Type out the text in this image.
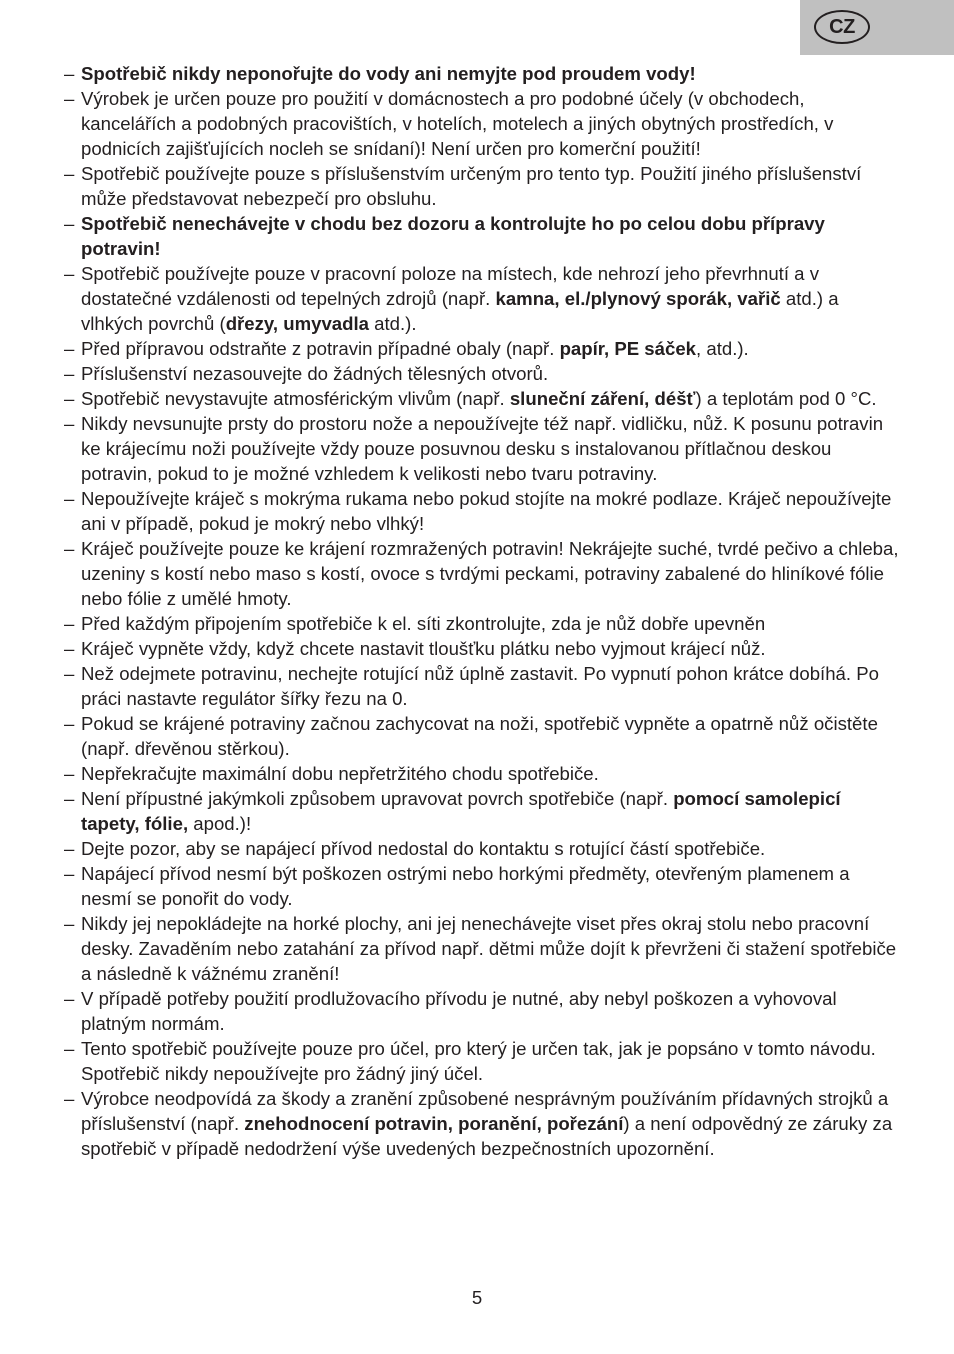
CZ
– Spotřebič nikdy neponořujte do vody ani nemyjte pod proudem vody!
– Výrobek je určen pouze pro použití v domácnostech a pro podobné účely (v obchodech, kancelářích a podobných pracovištích, v hotelích, motelech a jiných obytných prostředích, v podnicích zajišťujících nocleh se snídaní)! Není určen pro komerční použití!
– Spotřebič používejte pouze s příslušenstvím určeným pro tento typ. Použití jiného příslušenství může představovat nebezpečí pro obsluhu.
– Spotřebič nenechávejte v chodu bez dozoru a kontrolujte ho po celou dobu přípravy potravin!
– Spotřebič používejte pouze v pracovní poloze na místech, kde nehrozí jeho převrhnutí a v dostatečné vzdálenosti od tepelných zdrojů (např. kamna, el./plynový sporák, vařič atd.) a vlhkých povrchů (dřezy, umyvadla atd.).
– Před přípravou odstraňte z potravin případné obaly (např. papír, PE sáček, atd.).
– Příslušenství nezasouvejte do žádných tělesných otvorů.
– Spotřebič nevystavujte atmosférickým vlivům (např. sluneční záření, déšť) a teplotám pod 0 °C.
– Nikdy nevsunujte prsty do prostoru nože a nepoužívejte též např. vidličku, nůž. K posunu potravin ke krájecímu noži používejte vždy pouze posuvnou desku s instalovanou přítlačnou deskou potravin, pokud to je možné vzhledem k velikosti nebo tvaru potraviny.
– Nepoužívejte kráječ s mokrýma rukama nebo pokud stojíte na mokré podlaze. Kráječ nepoužívejte ani v případě, pokud je mokrý nebo vlhký!
– Kráječ používejte pouze ke krájení rozmražených potravin! Nekrájejte suché, tvrdé pečivo a chleba, uzeniny s kostí nebo maso s kostí, ovoce s tvrdými peckami, potraviny zabalené do hliníkové fólie nebo fólie z umělé hmoty.
– Před každým připojením spotřebiče k el. síti zkontrolujte, zda je nůž dobře upevněn
– Kráječ vypněte vždy, když chcete nastavit tloušťku plátku nebo vyjmout krájecí nůž.
– Než odejmete potravinu, nechejte rotující nůž úplně zastavit. Po vypnutí pohon krátce dobíhá. Po práci nastavte regulátor šířky řezu na 0.
– Pokud se krájené potraviny začnou zachycovat na noži, spotřebič vypněte a opatrně nůž očistěte (např. dřevěnou stěrkou).
– Nepřekračujte maximální dobu nepřetržitého chodu spotřebiče.
– Není přípustné jakýmkoli způsobem upravovat povrch spotřebiče (např. pomocí samolepicí tapety, fólie, apod.)!
– Dejte pozor, aby se napájecí přívod nedostal do kontaktu s rotující částí spotřebiče.
– Napájecí přívod nesmí být poškozen ostrými nebo horkými předměty, otevřeným plamenem a nesmí se ponořit do vody.
– Nikdy jej nepokládejte na horké plochy, ani jej nenechávejte viset přes okraj stolu nebo pracovní desky. Zavaděním nebo zatahání za přívod např. dětmi může dojít k převrženi či stažení spotřebiče a následně k vážnému zranění!
– V případě potřeby použití prodlužovacího přívodu je nutné, aby nebyl poškozen a vyhovoval platným normám.
– Tento spotřebič používejte pouze pro účel, pro který je určen tak, jak je popsáno v tomto návodu. Spotřebič nikdy nepoužívejte pro žádný jiný účel.
– Výrobce neodpovídá za škody a zranění způsobené nesprávným používáním přídavných strojků a příslušenství (např. znehodnocení potravin, poranění, pořezání) a není odpovědný ze záruky za spotřebič v případě nedodržení výše uvedených bezpečnostních upozornění.
5
